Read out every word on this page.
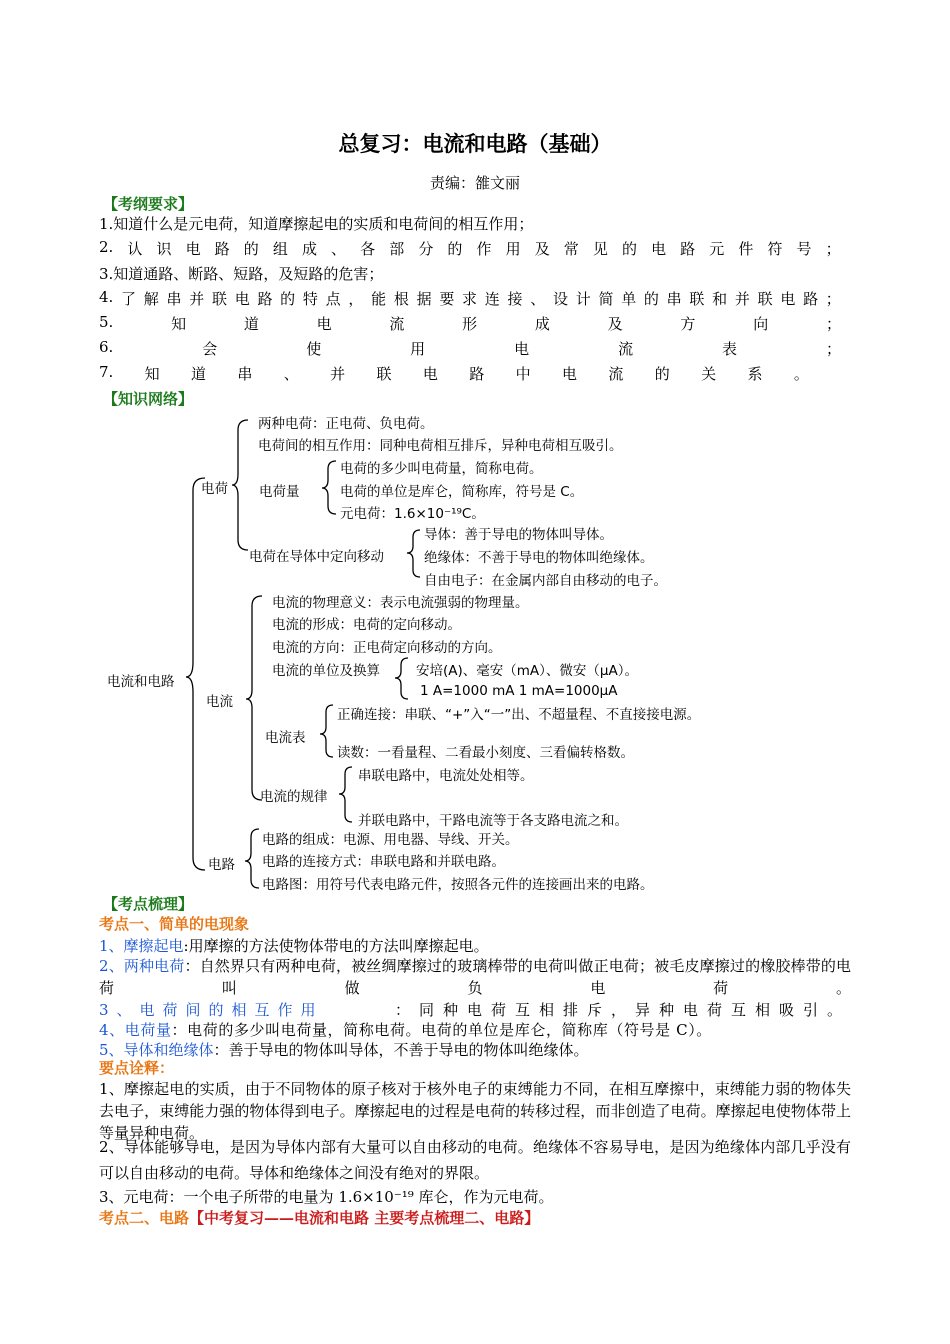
总复习：电流和电路（基础）
责编：雒文丽
【考纲要求】
1.知道什么是元电荷，知道摩擦起电的实质和电荷间的相互作用；
2. 认 识 电 路 的 组 成 、 各 部 分 的 作 用 及 常 见 的 电 路 元 件 符 号 ；
3.知道通路、断路、短路，及短路的危害；
4. 了 解 串 并 联 电 路 的 特 点 ， 能 根 据 要 求 连 接 、 设 计 简 单 的 串 联 和 并 联 电 路 ；
5.	知	道	电	流	形	成	及	方	向	；
6.	会	使	用	电	流	表	；
7. 知 道 串 、 并 联 电 路 中 电 流 的 关 系 。
【知识网络】
电流和电路
电荷
两种电荷：正电荷、负电荷。
电荷间的相互作用：同种电荷相互排斥，异种电荷相互吸引。
电荷量
电荷的多少叫电荷量，简称电荷。
电荷的单位是库仑，简称库，符号是 C。
元电荷：1.6×10⁻¹⁹C。
电荷在导体中定向移动
导体：善于导电的物体叫导体。
绝缘体：不善于导电的物体叫绝缘体。
自由电子：在金属内部自由移动的电子。
电流
电流的物理意义：表示电流强弱的物理量。
电流的形成：电荷的定向移动。
电流的方向：正电荷定向移动的方向。
电流的单位及换算	安培(A)、毫安（mA）、微安（μA）。
1 A=1000 mA 1 mA=1000μA
电流表
正确连接：串联、“+”入“一”出、不超量程、不直接接电源。
读数：一看量程、二看最小刻度、三看偏转格数。
电流的规律
串联电路中，电流处处相等。
并联电路中，干路电流等于各支路电流之和。
电路
电路的组成：电源、用电器、导线、开关。
电路的连接方式：串联电路和并联电路。
电路图：用符号代表电路元件，按照各元件的连接画出来的电路。
【考点梳理】
考点一、简单的电现象
1、摩擦起电:用摩擦的方法使物体带电的方法叫摩擦起电。
2、两种电荷：自然界只有两种电荷，被丝绸摩擦过的玻璃棒带的电荷叫做正电荷；被毛皮摩擦过的橡胶棒带的电荷叫做负电荷。
3、电荷间的相互作用	：同种电荷互相排斥，异种电荷互相吸引。
4、电荷量：电荷的多少叫电荷量，简称电荷。电荷的单位是库仑，简称库（符号是 C）。
5、导体和绝缘体：善于导电的物体叫导体，不善于导电的物体叫绝缘体。
要点诠释：
1、摩擦起电的实质，由于不同物体的原子核对于核外电子的束缚能力不同，在相互摩擦中，束缚能力弱的物体失去电子，束缚能力强的物体得到电子。摩擦起电的过程是电荷的转移过程，而非创造了电荷。摩擦起电使物体带上等量异种电荷。
2、导体能够导电，是因为导体内部有大量可以自由移动的电荷。绝缘体不容易导电，是因为绝缘体内部几乎没有可以自由移动的电荷。导体和绝缘体之间没有绝对的界限。
3、元电荷：一个电子所带的电量为 1.6×10⁻¹⁹ 库仑，作为元电荷。
考点二、电路【中考复习——电流和电路 主要考点梳理二、电路】
